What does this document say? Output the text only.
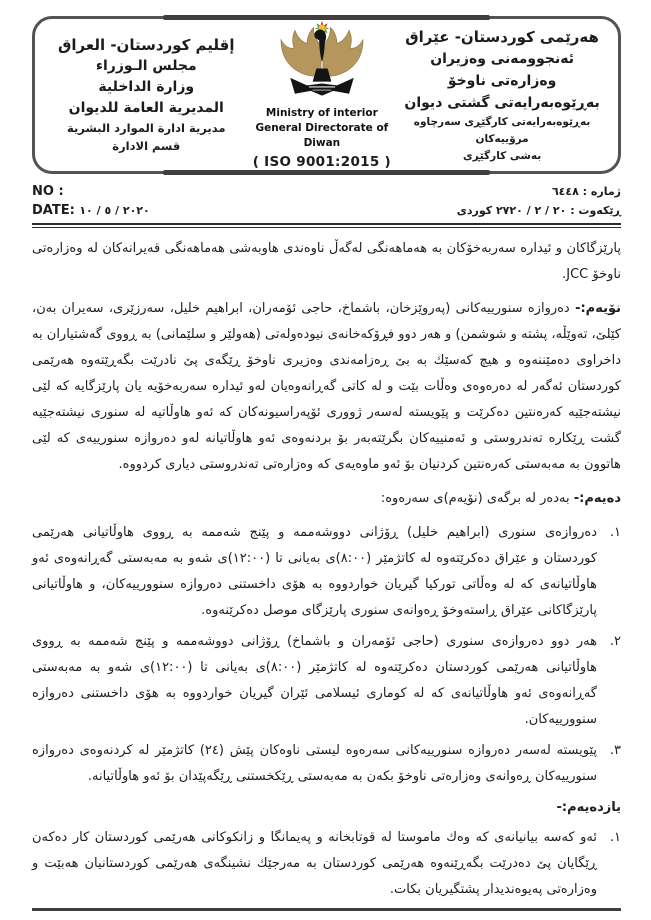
إقليم كوردستان- العراق
مجلس الـوزراء
وزارة الداخلية
المديرية العامة للديوان
مديرية ادارة الموارد البشرية
قسم الادارة
Ministry of interior
General Directorate of Diwan
( ISO 9001:2015 )
هەرێمی کوردستان- عێراق
ئەنجوومەنی وەزیران
وەزارەتی ناوخۆ
بەڕێوەبەرایەتی گشتی دیوان
بەڕێوەبەرایەتی کارگێڕی سەرچاوە مرۆییەکان
بەشی کارگێڕی
NO :
DATE: ٢٠٢٠ / ٥ / ١٠
ژمارە : ٦٤٤٨
ڕێکەوت : ٢٠ / ٢ / ٢٧٢٠ کوردی

پارێزگاکان و ئیدارە سەربەخۆکان بە هەماهەنگی لەگەڵ ناوەندی هاوبەشی هەماهەنگی قەیرانەکان لە وەزارەتی ناوخۆ JCC.

نۆیەم:- دەروازە سنورییەکانی (پەروێزخان، باشماخ، حاجی ئۆمەران، ابراهیم خلیل، سەرزێری، سەیران بەن، کێلێ، تەوێڵە، پشتە و شوشمن) و هەر دوو فڕۆکەخانەی نیودەولەتی (هەولێر و سلێمانی) بە ڕووی گەشتیاران بە داخراوی دەمێننەوە و هیچ کەسێك بە بێ ڕەزامەندی وەزیری ناوخۆ ڕێگەی پێ نادرێت بگەڕێتەوە هەرێمی کوردستان ئەگەر لە دەرەوەی وەڵات بێت و لە کاتی گەڕانەوەیان لەو ئیدارە سەربەخۆیە یان پارێزگایە کە لێی نیشتەجێیە کەرەنتین دەکرێت و پێویستە لەسەر ژووری ئۆپەراسیونەکان کە ئەو هاوڵاتیە لە سنوری نیشتەجێیە گشت ڕێکارە تەندروستی و ئەمنییەکان بگرێتەبەر بۆ بردنەوەی ئەو هاوڵاتیانە لەو دەروازە سنورییەی کە لێی هاتوون بە مەبەستی کەرەنتین کردنیان بۆ ئەو ماوەیەی کە وەزارەتی تەندروستی دیاری کردووە.

دەیەم:- بەدەر لە برگەی (نۆیەم)ی سەرەوە:

١.
دەروازەی سنوری (ابراهیم خلیل) ڕۆژانی دووشەممە و پێنج شەممە بە ڕووی هاوڵاتیانی هەرێمی کوردستان و عێراق دەکرێتەوە لە کاتژمێر (٨:٠٠)ی بەیانی تا (١٢:٠٠)ی شەو بە مەبەستی گەڕانەوەی ئەو هاوڵاتیانەی کە لە وەڵاتی تورکیا گیریان خواردووە بە هۆی داخستنی دەروازە سنوورییەکان، و هاوڵاتیانی پارێزگاکانی عێراق ڕاستەوخۆ ڕەوانەی سنوری پارێزگای موصل دەکرێنەوە.
٢.
هەر دوو دەروازەی سنوری (حاجی ئۆمەران و باشماخ) ڕۆژانی دووشەممە و پێنج شەممە بە ڕووی هاوڵاتیانی هەرێمی کوردستان دەکرێتەوە لە کاتژمێر (٨:٠٠)ی بەیانی تا (١٢:٠٠)ی شەو بە مەبەستی گەڕانەوەی ئەو هاوڵاتیانەی کە لە کوماری ئیسلامی ئێران گیریان خواردووە بە هۆی داخستنی دەروازە سنوورییەکان.
٣.
پێویستە لەسەر دەروازە سنورییەکانی سەرەوە لیستی ناوەکان پێش (٢٤) کاتژمێر لە کردنەوەی دەروازە سنورییەکان ڕەوانەی وەزارەتی ناوخۆ بکەن بە مەبەستی ڕێکخستنی ڕێگەپێدان بۆ ئەو هاوڵاتیانە.
یازدەیەم:-
١.
ئەو کەسە بیانیانەی کە وەك ماموستا لە قوتابخانە و پەیمانگا و زانکوکانی هەرێمی کوردستان کار دەکەن ڕێگایان پێ دەدرێت بگەڕێنەوە هەرێمی کوردستان بە مەرجێك نشینگەی هەرێمی کوردستانیان هەبێت و وەزارەتی پەیوەندیدار پشتگیریان بکات.
